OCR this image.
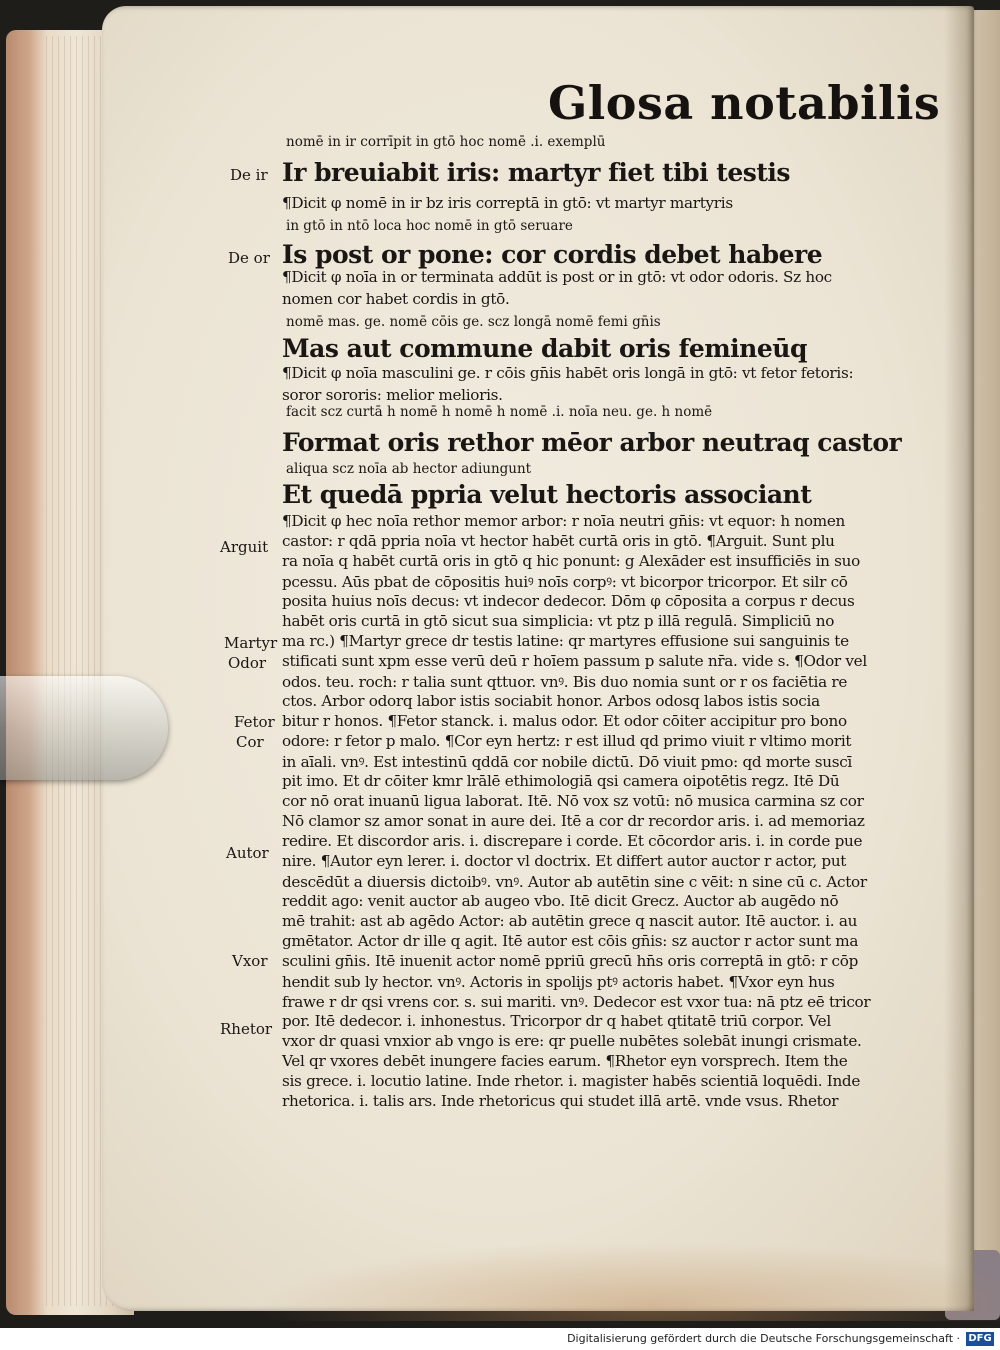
Glosa notabilis
nomē in ir corrīpit in gtō hoc nomē .i. exemplū
Ir breuiabit iris: martyr fiet tibi testis
¶Dicit φ nomē in ir bz iris correptā in gtō: vt martyr martyris
in gtō in ntō loca hoc nomē in gtō seruare
Is post or pone: cor cordis debet habere
¶Dicit φ noīa in or terminata addūt is post or in gtō: vt odor odoris. Sz hoc
nomen cor habet cordis in gtō.
nomē mas. ge. nomē cōis ge. scz longā nomē femi gn̄is
Mas aut commune dabit oris femineūq
¶Dicit φ noīa masculini ge. r cōis gn̄is habēt oris longā in gtō: vt fetor fetoris:
soror sororis: melior melioris.
facit scz curtā h nomē h nomē h nomē .i. noīa neu. ge. h nomē
Format oris rethor mēor arbor neutraq castor
aliqua scz noīa ab hector adiungunt
Et quedā ppria velut hectoris associant
¶Dicit φ hec noīa rethor memor arbor: r noīa neutri gn̄is: vt equor: h nomen
castor: r qdā ppria noīa vt hector habēt curtā oris in gtō. ¶Arguit. Sunt plu
ra noīa q habēt curtā oris in gtō q hic ponunt: g Alexāder est insufficiēs in suo
pcessu. Aūs pbat de cōpositis huiꝰ noīs corpꝰ: vt bicorpor tricorpor. Et silr cō
posita huius noīs decus: vt indecor dedecor. Dōm φ cōposita a corpus r decus
habēt oris curtā in gtō sicut sua simplicia: vt ptz p illā regulā. Simpliciū no
ma rc.) ¶Martyr grece dr testis latine: qr martyres effusione sui sanguinis te
stificati sunt xpm esse verū deū r hoīem passum p salute nr̄a. vide s. ¶Odor vel
odos. teu. roch: r talia sunt qttuor. vnꝰ. Bis duo nomia sunt or r os faciētia re
ctos. Arbor odorq labor istis sociabit honor. Arbos odosq labos istis socia
bitur r honos. ¶Fetor stanck. i. malus odor. Et odor cōiter accipitur pro bono
odore: r fetor p malo. ¶Cor eyn hertz: r est illud qd primo viuit r vltimo morit
in aīali. vnꝰ. Est intestinū qddā cor nobile dictū. Dō viuit pmo: qd morte suscī
pit imo. Et dr cōiter kmr lrālē ethimologiā qsi camera oipotētis regz. Itē Dū
cor nō orat inuanū ligua laborat. Itē. Nō vox sz votū: nō musica carmina sz cor
Nō clamor sz amor sonat in aure dei. Itē a cor dr recordor aris. i. ad memoriaz
redire. Et discordor aris. i. discrepare i corde. Et cōcordor aris. i. in corde pue
nire. ¶Autor eyn lerer. i. doctor vl doctrix. Et differt autor auctor r actor, put
descēdūt a diuersis dictoibꝰ. vnꝰ. Autor ab autētin sine c vēit: n sine cū c. Actor
reddit ago: venit auctor ab augeo vbo. Itē dicit Grecz. Auctor ab augēdo nō
mē trahit: ast ab agēdo Actor: ab autētin grece q nascit autor. Itē auctor. i. au
gmētator. Actor dr ille q agit. Itē autor est cōis gn̄is: sz auctor r actor sunt ma
sculini gn̄is. Itē inuenit actor nomē ppriū grecū hn̄s oris correptā in gtō: r cōp
hendit sub ly hector. vnꝰ. Actoris in spolijs ptꝰ actoris habet. ¶Vxor eyn hus
frawe r dr qsi vrens cor. s. sui mariti. vnꝰ. Dedecor est vxor tua: nā ptz eē tricor
por. Itē dedecor. i. inhonestus. Tricorpor dr q habet qtitatē triū corpor. Vel
vxor dr quasi vnxior ab vngo is ere: qr puelle nubētes solebāt inungi crismate.
Vel qr vxores debēt inungere facies earum. ¶Rhetor eyn vorsprech. Item the
sis grece. i. locutio latine. Inde rhetor. i. magister habēs scientiā loquēdi. Inde
rhetorica. i. talis ars. Inde rhetoricus qui studet illā artē. vnde vsus. Rhetor
De ir
De or
Arguit
Martyr
Odor
Fetor
Cor
Autor
Vxor
Rhetor
Digitalisierung gefördert durch die Deutsche Forschungsgemeinschaft · DFG
